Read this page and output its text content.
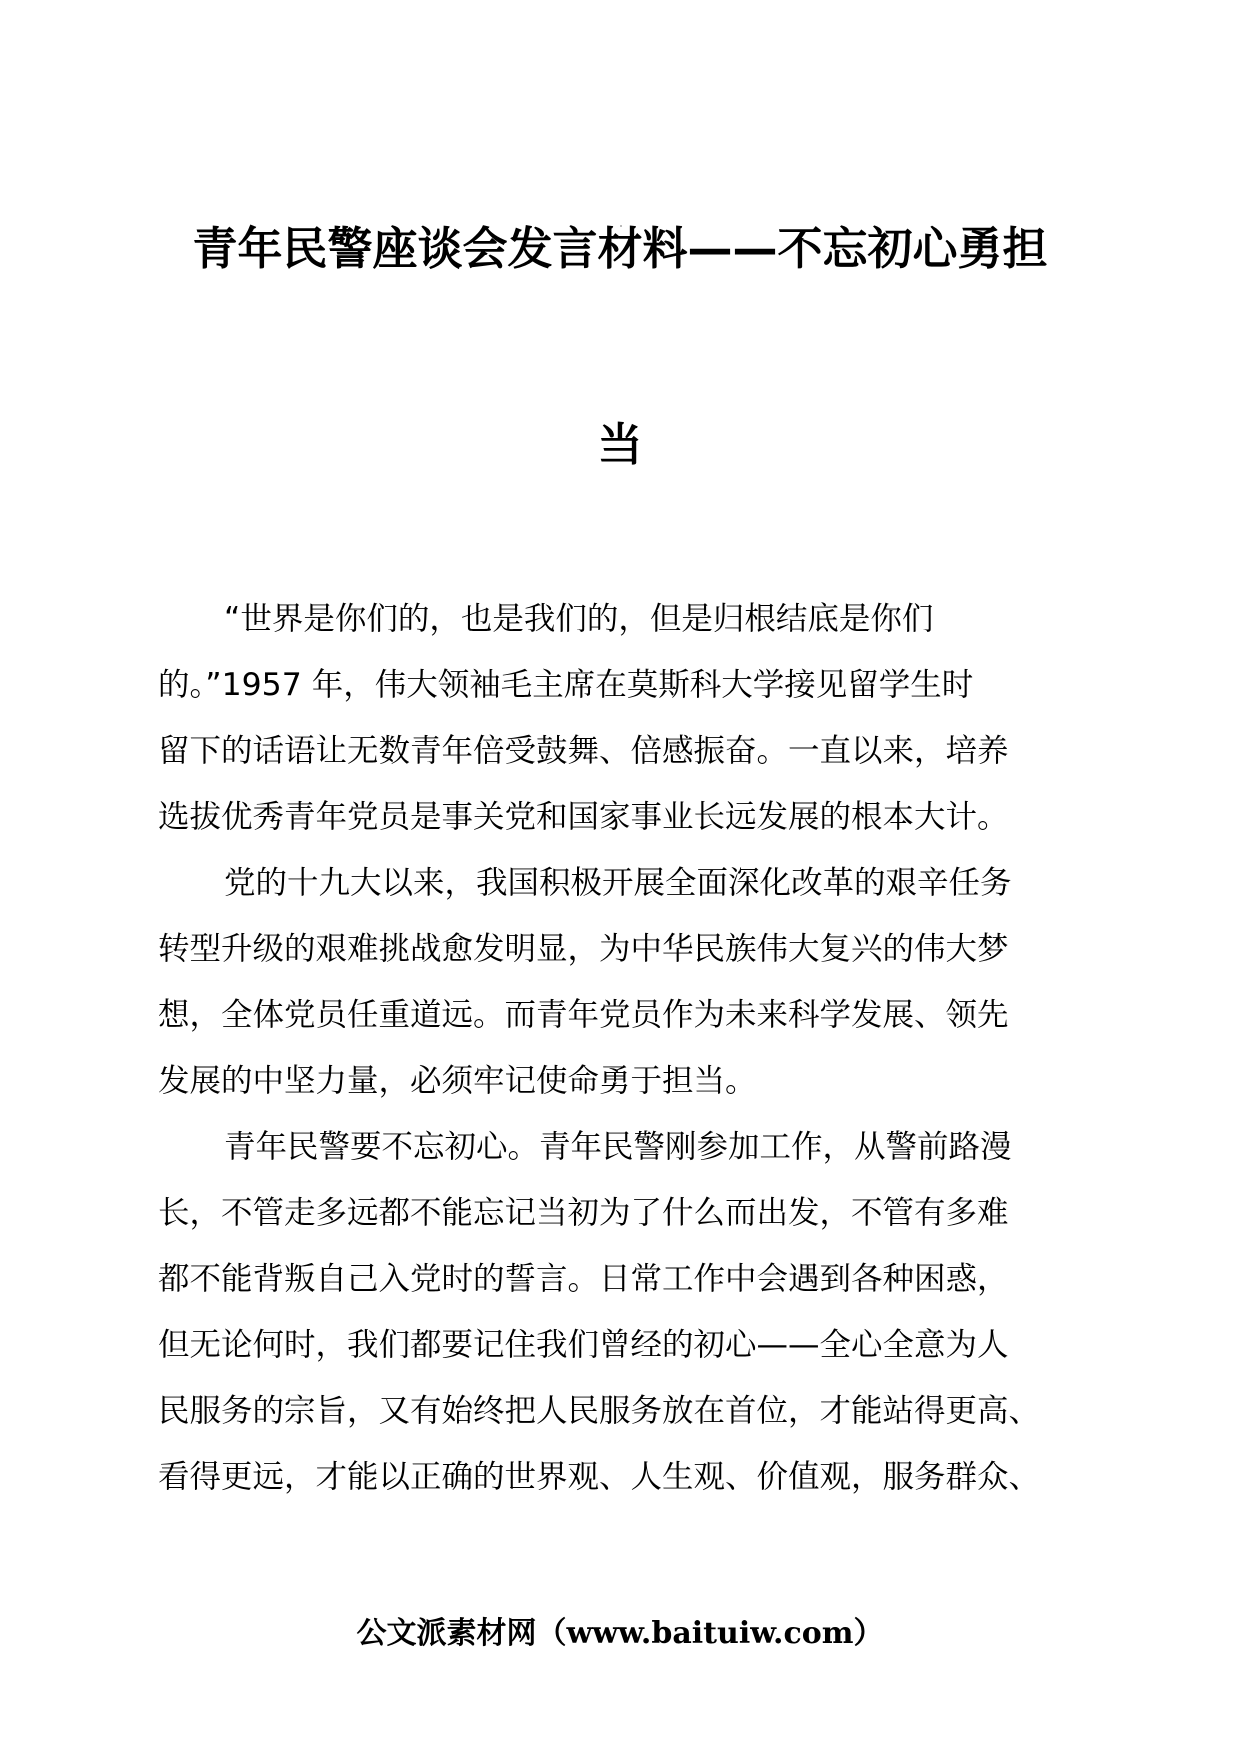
青年民警座谈会发言材料——不忘初心勇担
当
“世界是你们的，也是我们的，但是归根结底是你们
的。”1957 年，伟大领袖毛主席在莫斯科大学接见留学生时
留下的话语让无数青年倍受鼓舞、倍感振奋。一直以来，培养
选拔优秀青年党员是事关党和国家事业长远发展的根本大计。
党的十九大以来，我国积极开展全面深化改革的艰辛任务
转型升级的艰难挑战愈发明显，为中华民族伟大复兴的伟大梦
想，全体党员任重道远。而青年党员作为未来科学发展、领先
发展的中坚力量，必须牢记使命勇于担当。
青年民警要不忘初心。青年民警刚参加工作，从警前路漫
长，不管走多远都不能忘记当初为了什么而出发，不管有多难
都不能背叛自己入党时的誓言。日常工作中会遇到各种困惑，
但无论何时，我们都要记住我们曾经的初心——全心全意为人
民服务的宗旨，又有始终把人民服务放在首位，才能站得更高、
看得更远，才能以正确的世界观、人生观、价值观，服务群众、
公文派素材网（www.baituiw.com）
